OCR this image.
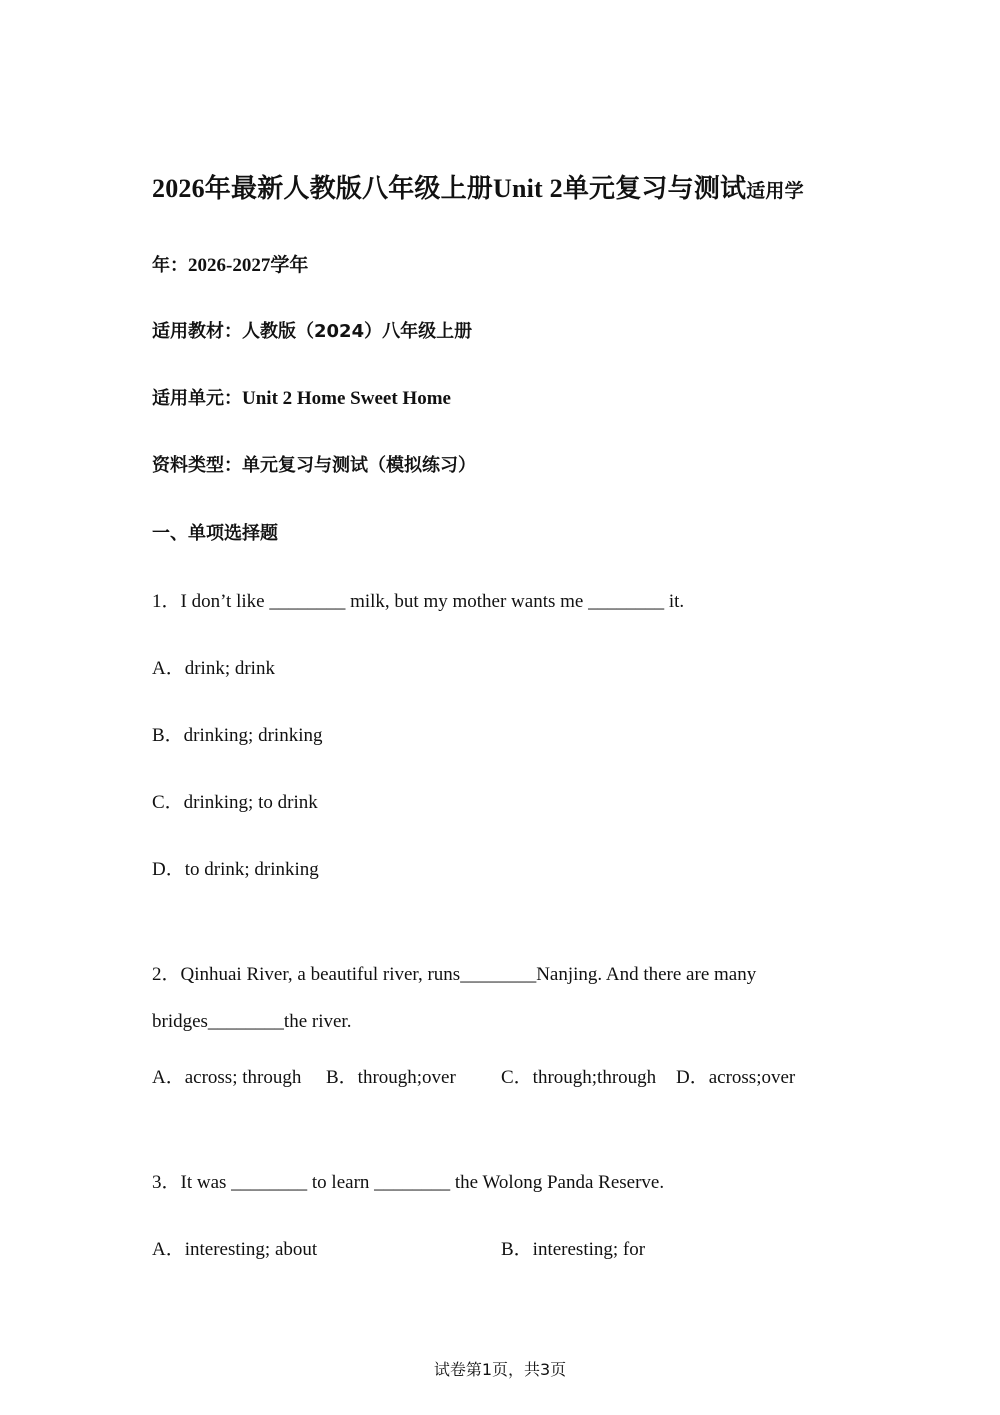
2026年最新人教版八年级上册Unit 2单元复习与测试适用学
年：2026-2027学年
适用教材：人教版（2024）八年级上册
适用单元：Unit 2 Home Sweet Home
资料类型：单元复习与测试（模拟练习）
一、单项选择题
1．I don’t like ________ milk, but my mother wants me ________ it.
A．drink; drink
B．drinking; drinking
C．drinking; to drink
D．to drink; drinking
2．Qinhuai River, a beautiful river, runs________Nanjing. And there are many
bridges________the river.
A．across; through B．through;over C．through;through D．across;over
3．It was ________ to learn ________ the Wolong Panda Reserve.
A．interesting; about	B．interesting; for
试卷第1页，共3页
